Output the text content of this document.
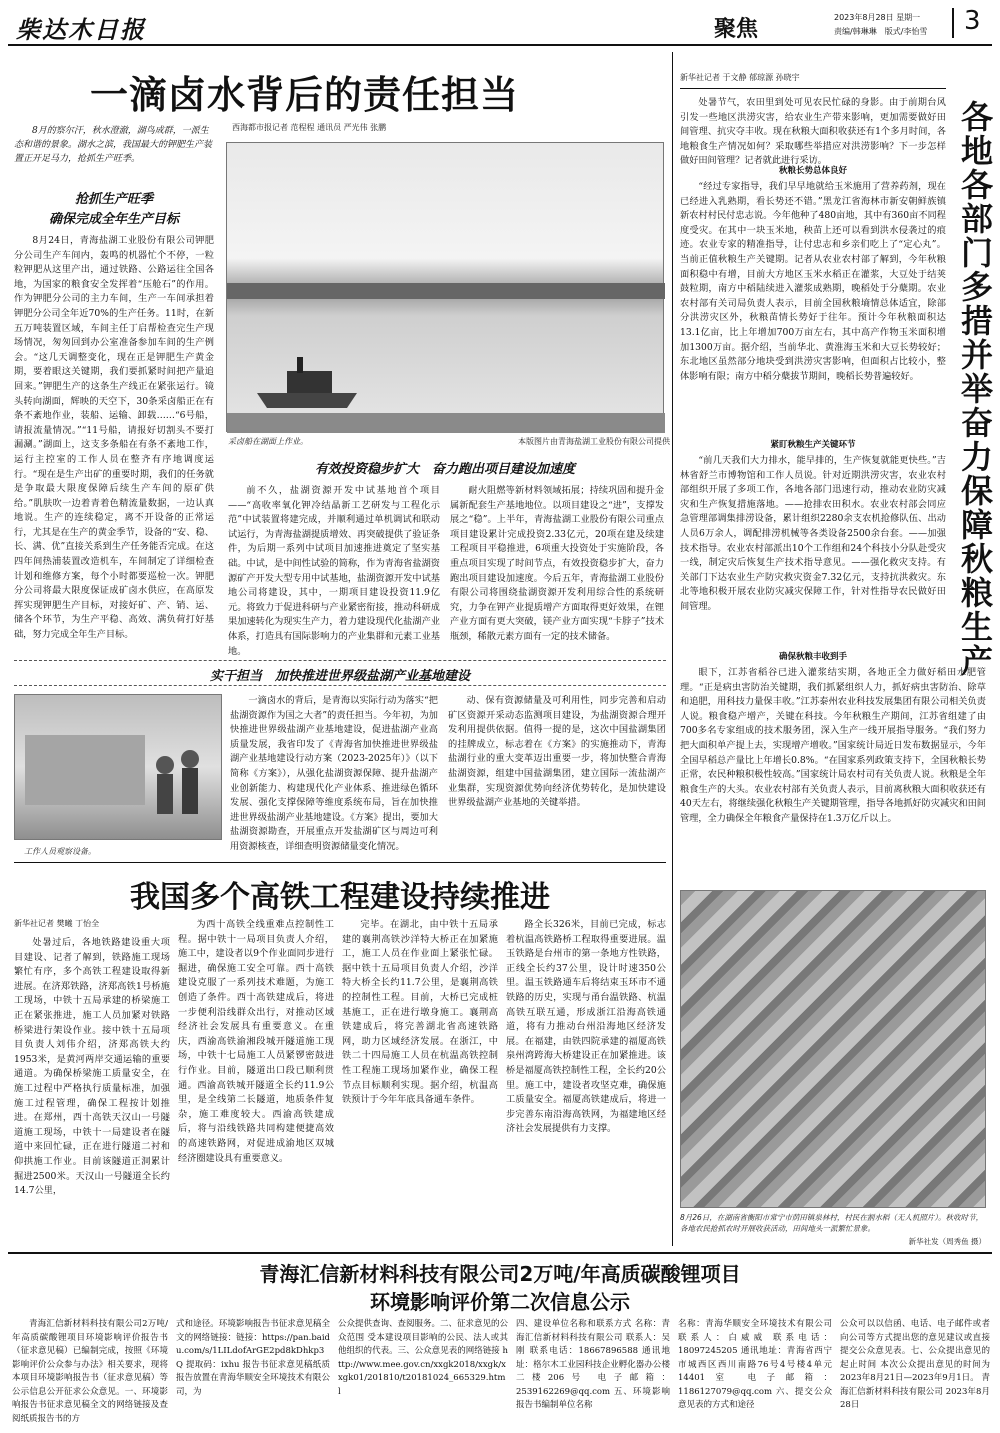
柴达木日报	聚焦	2023年8月28日 星期一
责编/韩琳琳　版式/李怡雪 3
一滴卤水背后的责任担当
西海都市报记者 范程程 通讯员 严光伟 张鹏
8月的察尔汗，秋水澄澈，湖鸟成群，一派生态和谐的景象。湖水之滨，我国最大的钾肥生产装置正开足马力，抢抓生产旺季。
抢抓生产旺季
确保完成全年生产目标
8月24日，青海盐湖工业股份有限公司钾肥分公司生产车间内，轰鸣的机器忙个不停，一粒粒钾肥从这里产出，通过铁路、公路运往全国各地，为国家的粮食安全发挥着“压舱石”的作用。作为钾肥分公司的主力车间，生产一车间承担着钾肥分公司全年近70%的生产任务。11时，在新五万吨装置区域，车间主任丁启帮检查完生产现场情况，匆匆回到办公室准备参加车间的生产例会。“这几天调整变化，现在正是钾肥生产黄金期，要着眼这关键期，我们要抓紧时间把产量追回来。”钾肥生产的这条生产线正在紧张运行。镜头转向湖面，辉映的天空下，30条采卤船正在有条不紊地作业，装船、运输、卸载……“6号船，请报流量情况。”“11号船，请报好切割头不要打漏涮。”湖面上，这支多条船在有条不紊地工作，运行主控室的工作人员在整齐有序地调度运行。“现在是生产出矿的重要时期，我们的任务就是争取最大限度保障后续生产车间的原矿供给。”肌肤吹一边着青着色精流量数据，一边认真地说。生产的连续稳定，离不开设备的正常运行，尤其是在生产的黄金季节，设备的“安、稳、长、满、优”直接关系到生产任务能否完成。在这四年间热浦装置改造机车，车间制定了详细检查计划和维修方案，每个小时都要巡检一次。钾肥分公司将最大限度保证成矿卤水供应，在高原发挥实现钾肥生产目标，对接好矿、产、销、运、储各个环节，为生产平稳、高效、满负荷打好基础，努力完成全年生产目标。
采卤船在湖面上作业。	本版图片由青海盐湖工业股份有限公司提供
有效投资稳步扩大　奋力跑出项目建设加速度
前不久，盐湖资源开发中试基地首个项目——“高收率氧化钾冷结晶新工艺研发与工程化示范”中试装置将建完成，并顺利通过单机调试和联动试运行，为青海盐湖提质增效、再突破提供了验证条件，为后期一系列中试项目加速推进奠定了坚实基础。中试，是中间性试验的简称，作为青海省盐湖资源矿产开发大型专用中试基地，盐湖资源开发中试基地公司将建设，其中，一期项目建设投资11.9亿元。将致力于促进科研与产业紧密衔接，推动科研成果加速转化为现实生产力，着力建设现代化盐湖产业体系，打造具有国际影响力的产业集群和元素工业基地。
耐火阻燃等新材料领域拓展；持续巩固和提升金属新配套生产基地地位。以项目建设之“进”，支撑发展之“稳”。上半年，青海盐湖工业股份有限公司重点项目建设累计完成投资2.33亿元，20项在建及续建工程项目平稳推进，6项重大投资处于实施阶段，各重点项目实现了时间节点，有效投资稳步扩大，奋力跑出项目建设加速度。今后五年，青海盐湖工业股份有限公司将围绕盐湖资源开发利用综合性的系统研究，力争在钾产业提质增产方面取得更好效果，在锂产业方面有更大突破，镁产业方面实现“卡脖子”技术瓶颈，稀散元素方面有一定的技术储备。
实干担当　加快推进世界级盐湖产业基地建设
工作人员观察设备。
一滴卤水的背后，是青海以实际行动为落实“把盐湖资源作为国之大者”的责任担当。今年初，为加快推进世界级盐湖产业基地建设，促进盐湖产业高质量发展，我省印发了《青海省加快推进世界级盐湖产业基地建设行动方案（2023-2025年）》（以下简称《方案》），从强化盐湖资源保障、提升盐湖产业创新能力、构建现代化产业体系、推进绿色循环发展、强化支撑保障等维度系统布局，旨在加快推进世界级盐湖产业基地建设。《方案》提出，要加大盐湖资源勘查，开展重点开发盐湖矿区与周边可利用资源核查，详细查明资源储量变化情况。
动、保有资源储量及可利用性，同步完善和启动矿区资源开采动态监测项目建设，为盐湖资源合理开发利用提供依据。值得一提的是，这次中国盐湖集团的挂牌成立，标志着在《方案》的实施推动下，青海盐湖行业的重大变革迈出重要一步，将加快整合青海盐湖资源，组建中国盐湖集团，建立国际一流盐湖产业集群，实现资源优势向经济优势转化，是加快建设世界级盐湖产业基地的关键举措。
新华社记者 于文静 郁琼源 孙晓宇
各地各部门多措并举奋力保障秋粮生产
处暑节气，农田里到处可见农民忙碌的身影。由于前期台风引发一些地区洪涝灾害，给农业生产带来影响，更加需要做好田间管理、抗灾夺丰收。现在秋粮大面积收获还有1个多月时间，各地粮食生产情况如何？采取哪些举措应对洪涝影响？下一步怎样做好田间管理？记者就此进行采访。
秋粮长势总体良好
“经过专家指导，我们早早地就给玉米施用了营养药剂，现在已经进入乳熟期，看长势还不错。”黑龙江省海林市新安朝鲜族镇新农村村民付忠志说。今年他种了480亩地，其中有360亩不同程度受灾。在其中一块玉米地，秧苗上还可以看到洪水侵袭过的痕迹。农业专家的精准指导，让付忠志和乡亲们吃上了“定心丸”。当前正值秋粮生产关键期。记者从农业农村部了解到，今年秋粮面积稳中有增，目前大方地区玉米水稻正在灌浆，大豆处于结荚鼓粒期，南方中稻陆续进入灌浆成熟期，晚稻处于分蘖期。农业农村部有关司局负责人表示，目前全国秋粮墒情总体适宜，除部分洪涝灾区外，秋粮苗情长势好于往年。预计今年秋粮面积达13.1亿亩，比上年增加700万亩左右，其中高产作物玉米面积增加1300万亩。据介绍，当前华北、黄淮海玉米和大豆长势较好；东北地区虽然部分地块受到洪涝灾害影响，但面积占比较小，整体影响有限；南方中稻分蘖拔节期间，晚稻长势普遍较好。
紧盯秋粮生产关键环节
“前几天我们大力排水，能早排的，生产恢复就能更快些。”吉林省舒兰市博物馆和工作人员说。针对近期洪涝灾害，农业农村部组织开展了多项工作，各地各部门迅速行动，推动农业防灾减灾和生产恢复措施落地。——抢排农田积水。农业农村部会同应急管理部调集排涝设备，累计组织2280余支农机抢修队伍、出动人员6万余人，调配排涝机械等各类设备2500余台套。——加强技术指导。农业农村部派出10个工作组和24个科技小分队赴受灾一线，制定灾后恢复生产技术指导意见。——强化救灾支持。有关部门下达农业生产防灾救灾资金7.32亿元，支持抗洪救灾。东北等地积极开展农业防灾减灾保障工作，针对性指导农民做好田间管理。
确保秋粮丰收到手
眼下，江苏省稻谷已进入灌浆结实期，各地正全力做好稻田水肥管理。“正是病虫害防治关键期，我们抓紧组织人力，抓好病虫害防治、除草和追肥，用科技力量保丰收。”江苏泰州农业科技发展集团有限公司相关负责人说。粮食稳产增产，关键在科技。今年秋粮生产期间，江苏省组建了由700多名专家组成的技术服务团，深入生产一线开展指导服务。“我们努力把大面积单产提上去，实现增产增收。”国家统计局近日发布数据显示，今年全国早稻总产量比上年增长0.8%。“在国家系列政策支持下，全国秋粮长势正常，农民种粮积极性较高。”国家统计局农村司有关负责人说。秋粮是全年粮食生产的大头。农业农村部有关负责人表示，目前离秋粮大面积收获还有40天左右，将继续强化秋粮生产关键期管理，指导各地抓好防灾减灾和田间管理，全力确保全年粮食产量保持在1.3万亿斤以上。
8月26日，在湖南省衡阳市常宁市荫田镇泉林村，村民在割水稻（无人机照片）。秋收时节，各地农民抢抓农时开展收获活动，田间地头一派繁忙景象。
新华社发（周秀鱼 摄）
我国多个高铁工程建设持续推进
新华社记者 樊曦 丁怡全
处暑过后，各地铁路建设重大项目建设、记者了解到，铁路施工现场繁忙有序，多个高铁工程建设取得新进展。在济郑铁路，济郑高铁1号桥施工现场，中铁十五局承建的桥梁施工正在紧张推进，施工人员加紧对铁路桥梁进行架设作业。接中铁十五局项目负责人刘伟介绍，济郑高铁大约1953米，是黄河两岸交通运输的重要通道。为确保桥梁施工质量安全，在施工过程中严格执行质量标准，加强施工过程管理，确保工程按计划推进。在郑州，西十高铁天汉山一号隧道施工现场，中铁十一局建设者在隧道中来回忙碌，正在进行隧道二衬和仰拱施工作业。目前该隧道正洞累计掘进2500米。天汉山一号隧道全长约14.7公里，
为西十高铁全线重难点控制性工程。据中铁十一局项目负责人介绍，施工中，建设者以9个作业面同步进行掘进，确保施工安全可靠。西十高铁建设克服了一系列技术难题，为施工创造了条件。西十高铁建成后，将进一步便利沿线群众出行，对推动区域经济社会发展具有重要意义。在重庆，西渝高铁渝湘段城开隧道施工现场，中铁十七局施工人员紧锣密鼓进行作业。目前，隧道出口段已顺利贯通。西渝高铁城开隧道全长约11.9公里，是全线第二长隧道，地质条件复杂，施工难度较大。西渝高铁建成后，将与沿线铁路共同构建便捷高效的高速铁路网，对促进成渝地区双城经济圈建设具有重要意义。
完毕。在湖北，由中铁十五局承建的襄荆高铁沙洋特大桥正在加紧施工，施工人员在作业面上紧张忙碌。据中铁十五局项目负责人介绍，沙洋特大桥全长约11.7公里，是襄荆高铁的控制性工程。目前，大桥已完成桩基施工，正在进行墩身施工。襄荆高铁建成后，将完善湖北省高速铁路网，助力区域经济发展。在浙江，中铁二十四局施工人员在杭温高铁控制性工程施工现场加紧作业，确保工程节点目标顺利实现。据介绍，杭温高铁预计于今年年底具备通车条件。
路全长326米，目前已完成，标志着杭温高铁路桥工程取得重要进展。温玉铁路是台州市的第一条地方性铁路，正线全长约37公里，设计时速350公里。温玉铁路通车后将结束玉环市不通铁路的历史，实现与甬台温铁路、杭温高铁互联互通，形成浙江沿海高铁通道，将有力推动台州沿海地区经济发展。在福建，由铁四院承建的福厦高铁泉州湾跨海大桥建设正在加紧推进。该桥是福厦高铁控制性工程，全长约20公里。施工中，建设者攻坚克难，确保施工质量安全。福厦高铁建成后，将进一步完善东南沿海高铁网，为福建地区经济社会发展提供有力支撑。
青海汇信新材料科技有限公司2万吨/年高质碳酸锂项目
环境影响评价第二次信息公示
青海汇信新材料科技有限公司2万吨/年高质碳酸锂项目环境影响评价报告书（征求意见稿）已编制完成，按照《环境影响评价公众参与办法》相关要求，现将本项目环境影响报告书（征求意见稿）等公示信息公开征求公众意见。一、环境影响报告书征求意见稿全文的网络链接及查阅纸质报告书的方
式和途径。环境影响报告书征求意见稿全文的网络链接：链接：https://pan.baidu.com/s/1LILdofArGE2pd8kDhkp3Q 提取码：ixhu 报告书征求意见稿纸质报告放置在青海华顺安全环境技术有限公司，为
公众提供查询、查阅服务。二、征求意见的公众范围 受本建设项目影响的公民、法人或其他组织的代表。三、公众意见表的网络链接 http://www.mee.gov.cn/xxgk2018/xxgk/xxgk01/201810/t20181024_665329.html
四、建设单位名称和联系方式 名称：青海汇信新材料科技有限公司 联系人：吴刚 联系电话：18667896588 通讯地址：格尔木工业园科技企业孵化器办公楼二楼206号 电子邮箱：2539162269@qq.com 五、环境影响报告书编制单位名称
名称：青海华顺安全环境技术有限公司 联系人：白威威 联系电话：18097245205 通讯地址：青海省西宁市城西区西川南路76号4号楼4单元14401室 电子邮箱：1186127079@qq.com 六、提交公众意见表的方式和途径
公众可以以信函、电话、电子邮件或者向公司等方式提出您的意见建议或直接提交公众意见表。七、公众提出意见的起止时间 本次公众提出意见的时间为2023年8月21日—2023年9月1日。 青海汇信新材料科技有限公司 2023年8月28日
